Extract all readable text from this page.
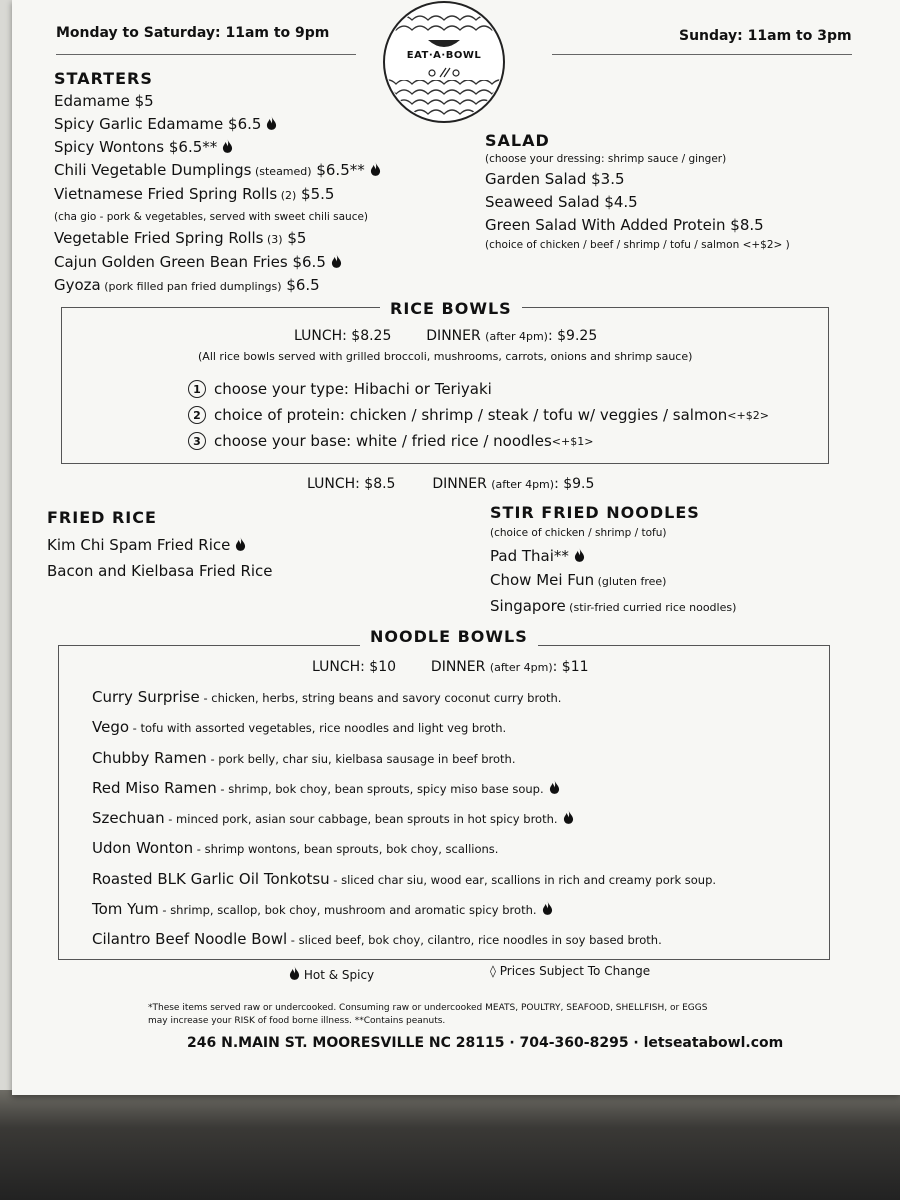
Monday to Saturday: 11am to 9pm	Sunday: 11am to 3pm
EAT·A·BOWL
STARTERS
Edamame $5
Spicy Garlic Edamame $6.5
Spicy Wontons $6.5**
Chili Vegetable Dumplings (steamed) $6.5**
Vietnamese Fried Spring Rolls (2) $5.5
(cha gio - pork & vegetables, served with sweet chili sauce)
Vegetable Fried Spring Rolls (3) $5
Cajun Golden Green Bean Fries $6.5
Gyoza (pork filled pan fried dumplings) $6.5
SALAD
(choose your dressing: shrimp sauce / ginger)
Garden Salad $3.5
Seaweed Salad $4.5
Green Salad With Added Protein $8.5
(choice of chicken / beef / shrimp / tofu / salmon <+$2> )
RICE BOWLS
LUNCH: $8.25 DINNER (after 4pm): $9.25
(All rice bowls served with grilled broccoli, mushrooms, carrots, onions and shrimp sauce)
1 choose your type: Hibachi or Teriyaki
2 choice of protein: chicken / shrimp / steak / tofu w/ veggies / salmon <+$2>
3 choose your base: white / fried rice / noodles <+$1>
LUNCH: $8.5	DINNER (after 4pm): $9.5
FRIED RICE
Kim Chi Spam Fried Rice
Bacon and Kielbasa Fried Rice
STIR FRIED NOODLES
(choice of chicken / shrimp / tofu)
Pad Thai**
Chow Mei Fun (gluten free)
Singapore (stir-fried curried rice noodles)
NOODLE BOWLS
LUNCH: $10 DINNER (after 4pm): $11
Curry Surprise - chicken, herbs, string beans and savory coconut curry broth.
Vego - tofu with assorted vegetables, rice noodles and light veg broth.
Chubby Ramen - pork belly, char siu, kielbasa sausage in beef broth.
Red Miso Ramen - shrimp, bok choy, bean sprouts, spicy miso base soup.
Szechuan - minced pork, asian sour cabbage, bean sprouts in hot spicy broth.
Udon Wonton - shrimp wontons, bean sprouts, bok choy, scallions.
Roasted BLK Garlic Oil Tonkotsu - sliced char siu, wood ear, scallions in rich and creamy pork soup.
Tom Yum - shrimp, scallop, bok choy, mushroom and aromatic spicy broth.
Cilantro Beef Noodle Bowl - sliced beef, bok choy, cilantro, rice noodles in soy based broth.
Hot & Spicy	◊ Prices Subject To Change
*These items served raw or undercooked. Consuming raw or undercooked MEATS, POULTRY, SEAFOOD, SHELLFISH, or EGGS
may increase your RISK of food borne illness. **Contains peanuts.
246 N.MAIN ST. MOORESVILLE NC 28115 · 704-360-8295 · letseatabowl.com
